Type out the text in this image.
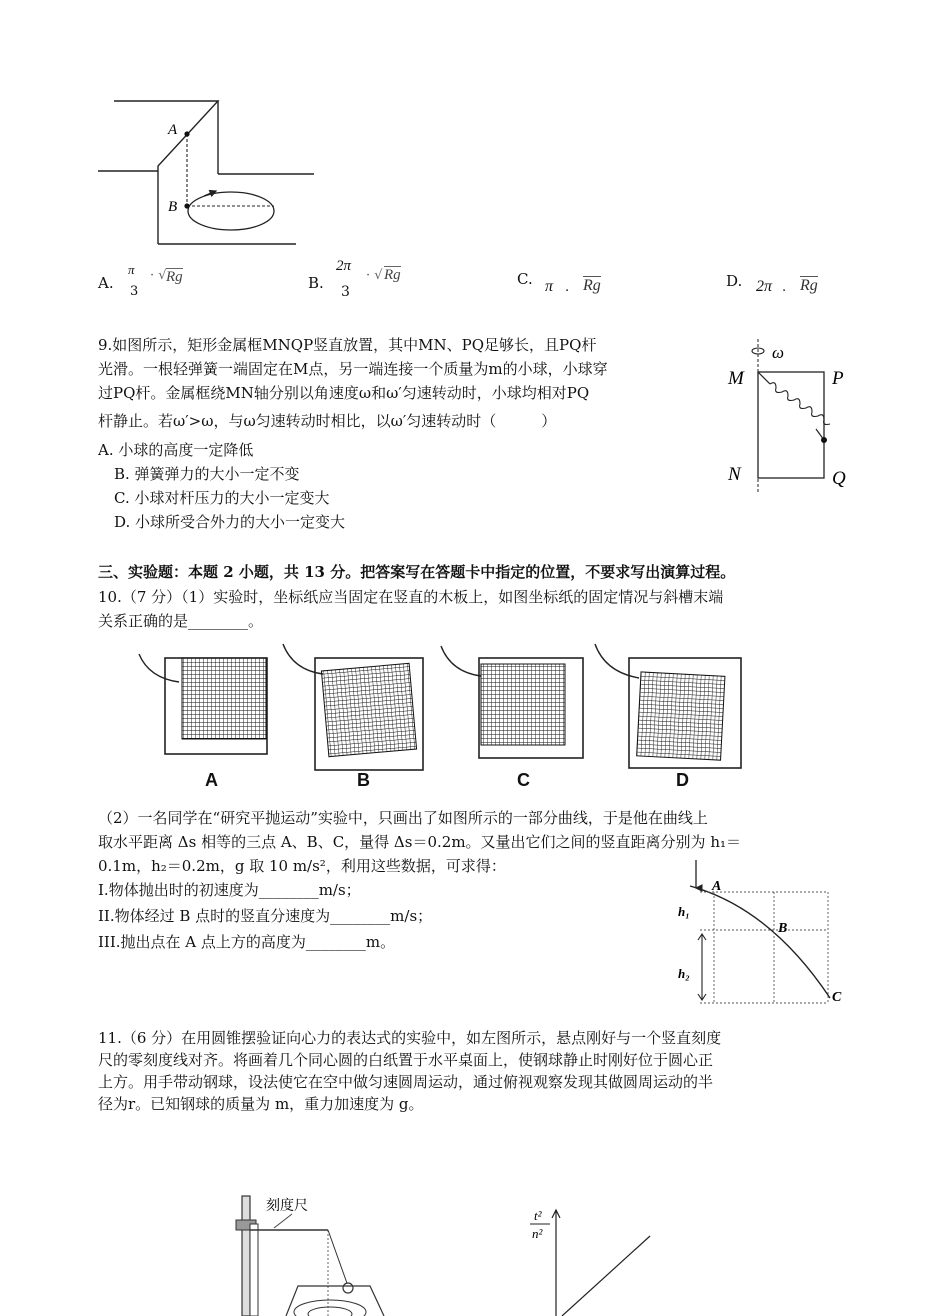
A
B
A.
π
3
· √ Rg	B.
2π
3
· √ Rg	C. π . Rg	D. 2π . Rg
9.如图所示，矩形金属框MNQP竖直放置，其中MN、PQ足够长，且PQ杆
光滑。一根轻弹簧一端固定在M点，另一端连接一个质量为m的小球，小球穿
过PQ杆。金属框绕MN轴分别以角速度ω和ω′匀速转动时，小球均相对PQ
杆静止。若ω′>ω，与ω匀速转动时相比，以ω′匀速转动时（　　　）
A. 小球的高度一定降低
B. 弹簧弹力的大小一定不变
C. 小球对杆压力的大小一定变大
D. 小球所受合外力的大小一定变大
ω
M	P
N	Q
三、实验题：本题 2 小题，共 13 分。把答案写在答题卡中指定的位置，不要求写出演算过程。
10.（7 分）（1）实验时，坐标纸应当固定在竖直的木板上，如图坐标纸的固定情况与斜槽末端
关系正确的是________。
A	B	C	D
（2）一名同学在“研究平抛运动”实验中，只画出了如图所示的一部分曲线，于是他在曲线上
取水平距离 Δs 相等的三点 A、B、C，量得 Δs＝0.2m。又量出它们之间的竖直距离分别为 h₁＝
0.1m，h₂＝0.2m，g 取 10 m/s²，利用这些数据，可求得：
I.物体抛出时的初速度为________m/s；
II.物体经过 B 点时的竖直分速度为________m/s；
III.抛出点在 A 点上方的高度为________m。
A
B
C
h₁
h₂
11.（6 分）在用圆锥摆验证向心力的表达式的实验中，如左图所示，悬点刚好与一个竖直刻度
尺的零刻度线对齐。将画着几个同心圆的白纸置于水平桌面上，使钢球静止时刚好位于圆心正
上方。用手带动钢球，设法使它在空中做匀速圆周运动，通过俯视观察发现其做圆周运动的半
径为r。已知钢球的质量为 m，重力加速度为 g。
刻度尺
t²
n²
